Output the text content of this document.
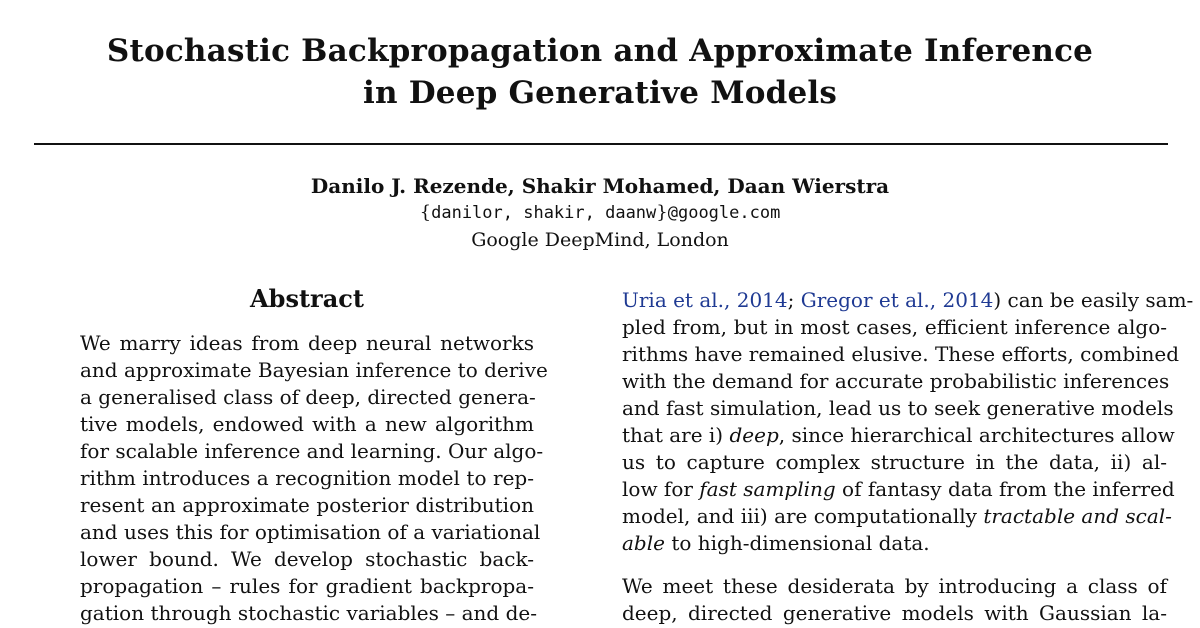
Stochastic Backpropagation and Approximate Inference
in Deep Generative Models
Danilo J. Rezende, Shakir Mohamed, Daan Wierstra
{danilor, shakir, daanw}@google.com
Google DeepMind, London
Abstract
We marry ideas from deep neural networks
and approximate Bayesian inference to derive
a generalised class of deep, directed genera-
tive models, endowed with a new algorithm
for scalable inference and learning. Our algo-
rithm introduces a recognition model to rep-
resent an approximate posterior distribution
and uses this for optimisation of a variational
lower bound. We develop stochastic back-
propagation – rules for gradient backpropa-
gation through stochastic variables – and de-
Uria et al., 2014; Gregor et al., 2014) can be easily sam-
pled from, but in most cases, efficient inference algo-
rithms have remained elusive. These efforts, combined
with the demand for accurate probabilistic inferences
and fast simulation, lead us to seek generative models
that are i) deep, since hierarchical architectures allow
us to capture complex structure in the data, ii) al-
low for fast sampling of fantasy data from the inferred
model, and iii) are computationally tractable and scal-
able to high-dimensional data.
We meet these desiderata by introducing a class of
deep, directed generative models with Gaussian la-
